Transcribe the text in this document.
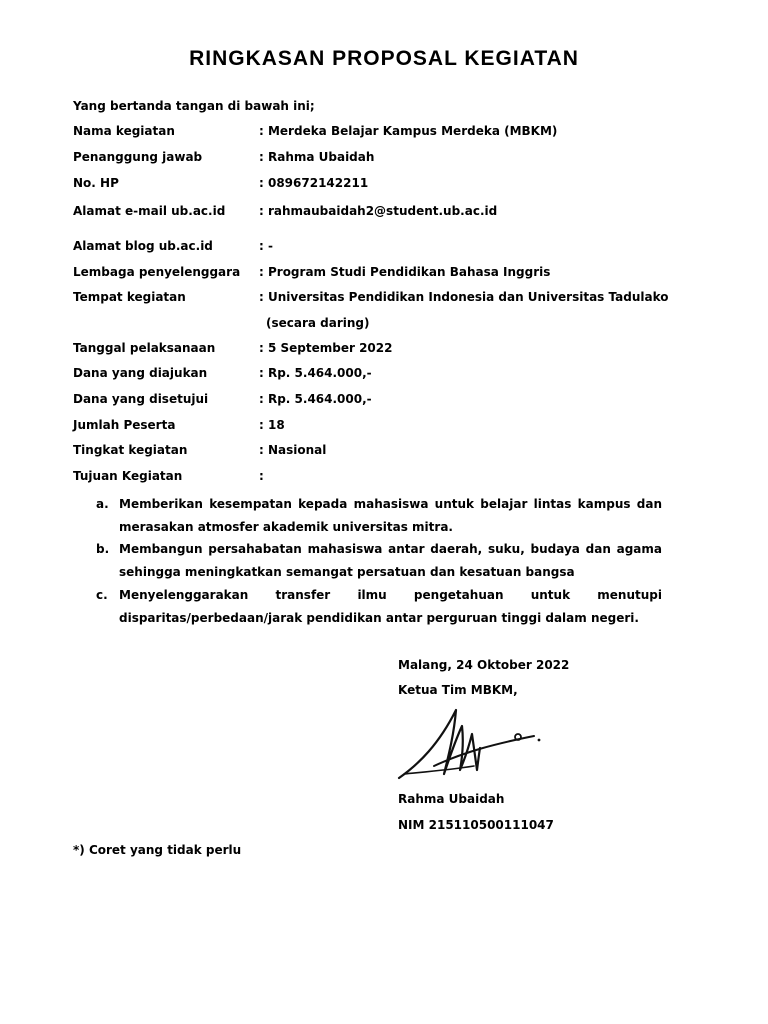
RINGKASAN PROPOSAL KEGIATAN
Yang bertanda tangan di bawah ini;
Nama kegiatan	: Merdeka Belajar Kampus Merdeka (MBKM)
Penanggung jawab	: Rahma Ubaidah
No. HP	: 089672142211
Alamat e-mail ub.ac.id	: rahmaubaidah2@student.ub.ac.id
Alamat blog ub.ac.id	: -
Lembaga penyelenggara : Program Studi Pendidikan Bahasa Inggris
Tempat kegiatan	: Universitas Pendidikan Indonesia dan Universitas Tadulako
(secara daring)
Tanggal pelaksanaan	: 5 September 2022
Dana yang diajukan	: Rp. 5.464.000,-
Dana yang disetujui	: Rp. 5.464.000,-
Jumlah Peserta	: 18
Tingkat kegiatan	: Nasional
Tujuan Kegiatan	:
a. Memberikan kesempatan kepada mahasiswa untuk belajar lintas kampus dan merasakan atmosfer akademik universitas mitra.
b. Membangun persahabatan mahasiswa antar daerah, suku, budaya dan agama sehingga meningkatkan semangat persatuan dan kesatuan bangsa
c. Menyelenggarakan transfer ilmu pengetahuan untuk menutupi disparitas/perbedaan/jarak pendidikan antar perguruan tinggi dalam negeri.
Malang, 24 Oktober 2022
Ketua Tim MBKM,
Rahma Ubaidah
NIM 215110500111047
*) Coret yang tidak perlu
